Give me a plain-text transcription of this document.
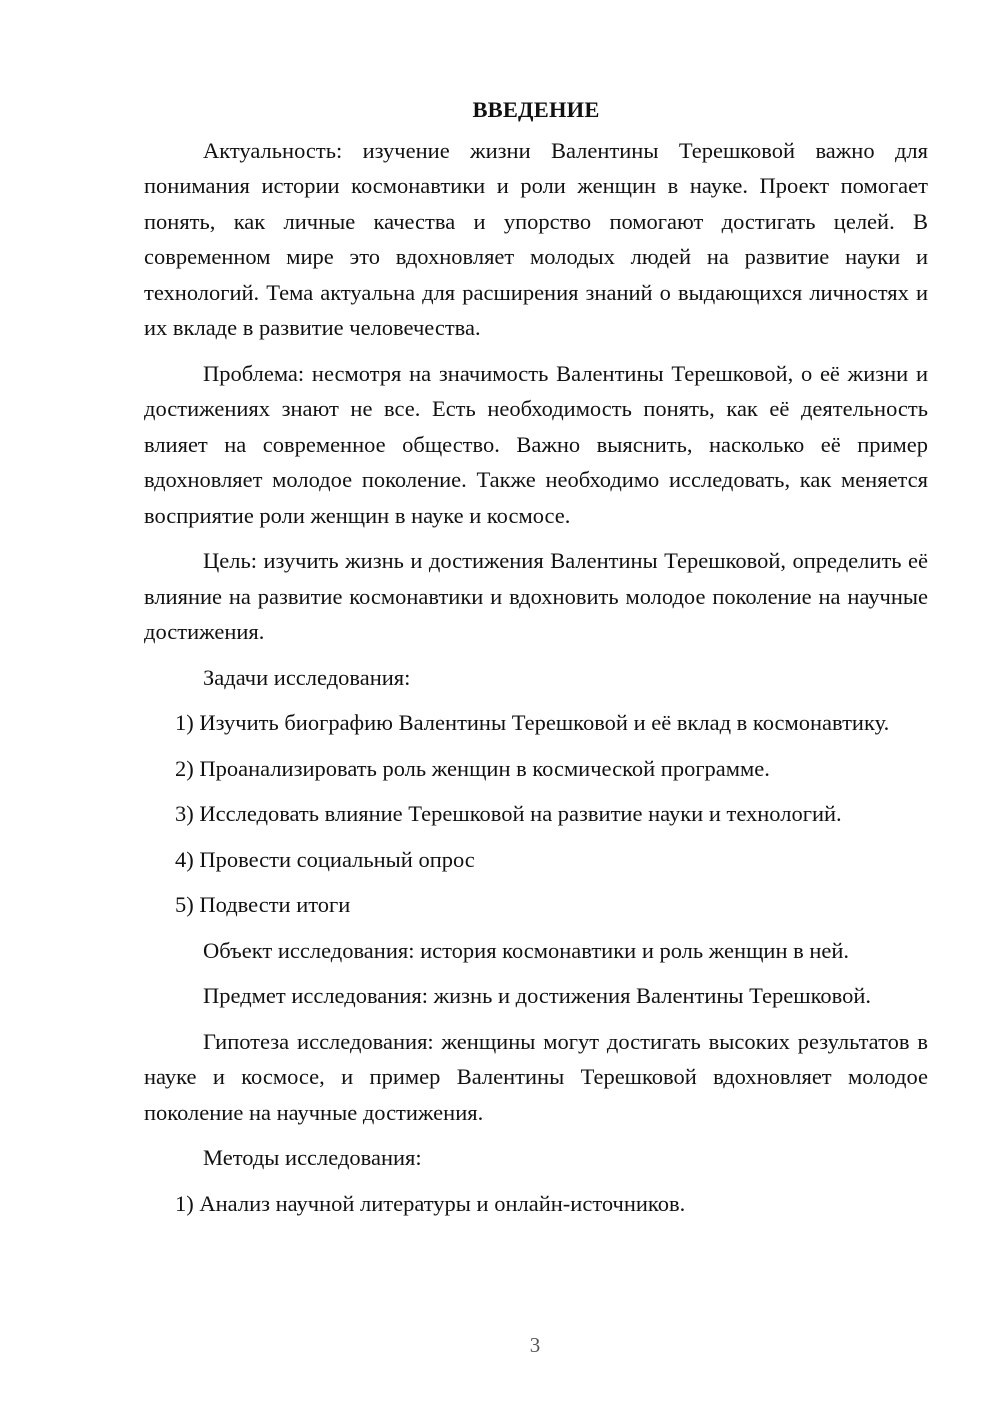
ВВЕДЕНИЕ

Актуальность: изучение жизни Валентины Терешковой важно для понимания истории космонавтики и роли женщин в науке. Проект помогает понять, как личные качества и упорство помогают достигать целей. В современном мире это вдохновляет молодых людей на развитие науки и технологий. Тема актуальна для расширения знаний о выдающихся личностях и их вкладе в развитие человечества.

Проблема: несмотря на значимость Валентины Терешковой, о её жизни и достижениях знают не все. Есть необходимость понять, как её деятельность влияет на современное общество. Важно выяснить, насколько её пример вдохновляет молодое поколение. Также необходимо исследовать, как меняется восприятие роли женщин в науке и космосе.

Цель: изучить жизнь и достижения Валентины Терешковой, определить её влияние на развитие космонавтики и вдохновить молодое поколение на научные достижения.

Задачи исследования:

1) Изучить биографию Валентины Терешковой и её вклад в космонавтику.

2) Проанализировать роль женщин в космической программе.

3) Исследовать влияние Терешковой на развитие науки и технологий.

4) Провести социальный опрос

5) Подвести итоги

Объект исследования: история космонавтики и роль женщин в ней.

Предмет исследования: жизнь и достижения Валентины Терешковой.

Гипотеза исследования: женщины могут достигать высоких результатов в науке и космосе, и пример Валентины Терешковой вдохновляет молодое поколение на научные достижения.

Методы исследования:

1) Анализ научной литературы и онлайн-источников.

3
